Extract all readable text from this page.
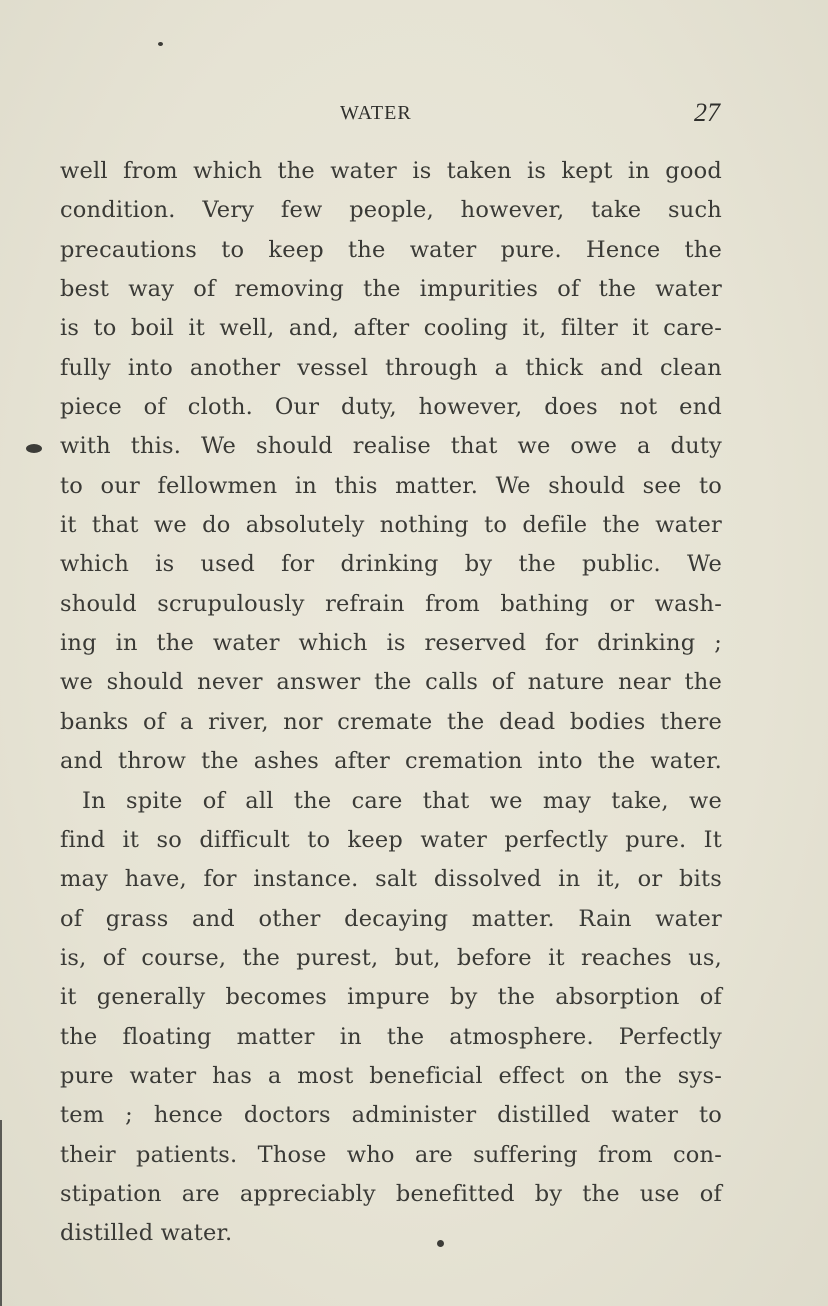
WATER	27
well from which the water is taken is kept in good
condition. Very few people, however, take such
precautions to keep the water pure. Hence the
best way of removing the impurities of the water
is to boil it well, and, after cooling it, filter it care-
fully into another vessel through a thick and clean
piece of cloth. Our duty, however, does not end
with this. We should realise that we owe a duty
to our fellowmen in this matter. We should see to
it that we do absolutely nothing to defile the water
which is used for drinking by the public. We
should scrupulously refrain from bathing or wash-
ing in the water which is reserved for drinking ;
we should never answer the calls of nature near the
banks of a river, nor cremate the dead bodies there
and throw the ashes after cremation into the water.
In spite of all the care that we may take, we
find it so difficult to keep water perfectly pure. It
may have, for instance. salt dissolved in it, or bits
of grass and other decaying matter. Rain water
is, of course, the purest, but, before it reaches us,
it generally becomes impure by the absorption of
the floating matter in the atmosphere. Perfectly
pure water has a most beneficial effect on the sys-
tem ; hence doctors administer distilled water to
their patients. Those who are suffering from con-
stipation are appreciably benefitted by the use of
distilled water.
